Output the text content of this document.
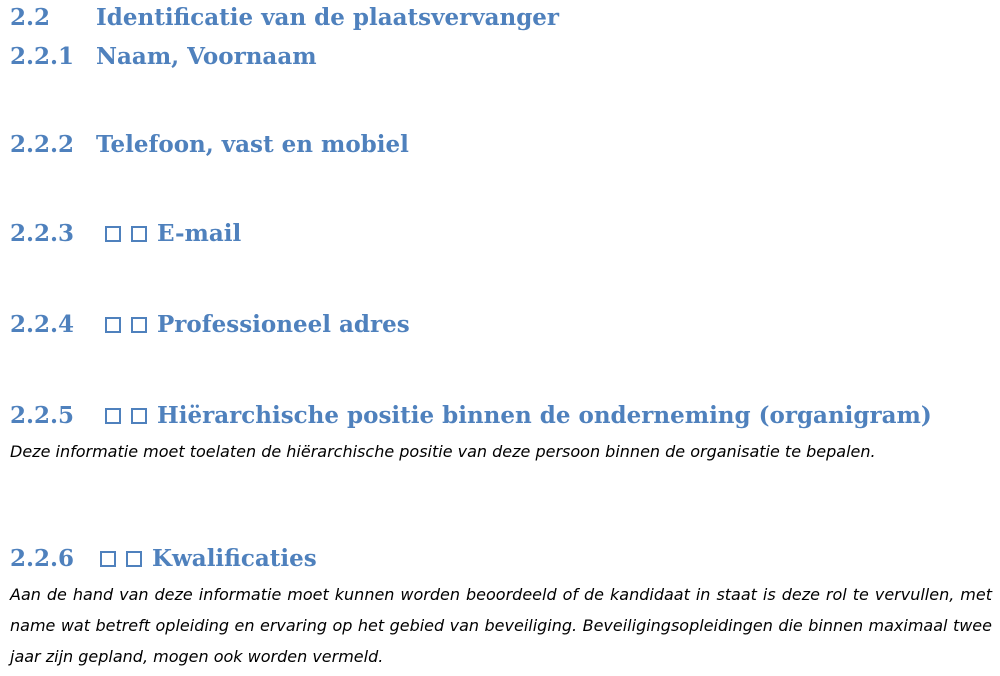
2.2 Identificatie van de plaatsvervanger
2.2.1 Naam, Voornaam
2.2.2 Telefoon, vast en mobiel
2.2.3	E-mail
2.2.4	Professioneel adres
2.2.5	Hiërarchische positie binnen de onderneming (organigram)
Deze informatie moet toelaten de hiërarchische positie van deze persoon binnen de organisatie te bepalen.
2.2.6	Kwalificaties
Aan de hand van deze informatie moet kunnen worden beoordeeld of de kandidaat in staat is deze rol te vervullen, met name wat betreft opleiding en ervaring op het gebied van beveiliging. Beveiligingsopleidingen die binnen maximaal twee jaar zijn gepland, mogen ook worden vermeld.
